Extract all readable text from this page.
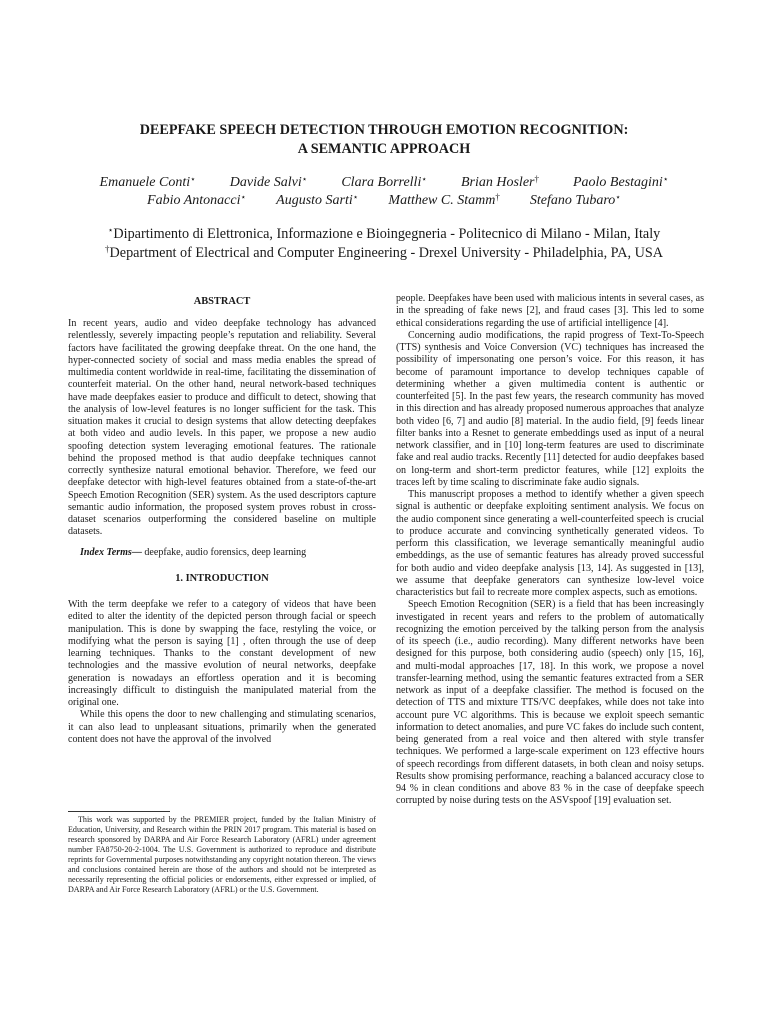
DEEPFAKE SPEECH DETECTION THROUGH EMOTION RECOGNITION:
A SEMANTIC APPROACH
Emanuele Conti⋆ Davide Salvi⋆ Clara Borrelli⋆ Brian Hosler† Paolo Bestagini⋆
Fabio Antonacci⋆ Augusto Sarti⋆ Matthew C. Stamm† Stefano Tubaro⋆
⋆Dipartimento di Elettronica, Informazione e Bioingegneria - Politecnico di Milano - Milan, Italy
†Department of Electrical and Computer Engineering - Drexel University - Philadelphia, PA, USA

ABSTRACT

In recent years, audio and video deepfake technology has advanced relentlessly, severely impacting people’s reputation and reliability. Several factors have facilitated the growing deepfake threat. On the one hand, the hyper-connected society of social and mass media enables the spread of multimedia content worldwide in real-time, facilitating the dissemination of counterfeit material. On the other hand, neural network-based techniques have made deepfakes easier to produce and difficult to detect, showing that the analysis of low-level features is no longer sufficient for the task. This situation makes it crucial to design systems that allow detecting deepfakes at both video and audio levels. In this paper, we propose a new audio spoofing detection system leveraging emotional features. The rationale behind the proposed method is that audio deepfake techniques cannot correctly synthesize natural emotional behavior. Therefore, we feed our deepfake detector with high-level features obtained from a state-of-the-art Speech Emotion Recognition (SER) system. As the used descriptors capture semantic audio information, the proposed system proves robust in cross-dataset scenarios outperforming the considered baseline on multiple datasets.

Index Terms— deepfake, audio forensics, deep learning

1. INTRODUCTION

With the term deepfake we refer to a category of videos that have been edited to alter the identity of the depicted person through facial or speech manipulation. This is done by swapping the face, restyling the voice, or modifying what the person is saying [1] , often through the use of deep learning techniques. Thanks to the constant development of new technologies and the massive evolution of neural networks, deepfake generation is nowadays an effortless operation and it is becoming increasingly difficult to distinguish the manipulated material from the original one.

While this opens the door to new challenging and stimulating scenarios, it can also lead to unpleasant situations, primarily when the generated content does not have the approval of the involved

This work was supported by the PREMIER project, funded by the Italian Ministry of Education, University, and Research within the PRIN 2017 program. This material is based on research sponsored by DARPA and Air Force Research Laboratory (AFRL) under agreement number FA8750-20-2-1004. The U.S. Government is authorized to reproduce and distribute reprints for Governmental purposes notwithstanding any copyright notation thereon. The views and conclusions contained herein are those of the authors and should not be interpreted as necessarily representing the official policies or endorsements, either expressed or implied, of DARPA and Air Force Research Laboratory (AFRL) or the U.S. Government.

people. Deepfakes have been used with malicious intents in several cases, as in the spreading of fake news [2], and fraud cases [3]. This led to some ethical considerations regarding the use of artificial intelligence [4].

Concerning audio modifications, the rapid progress of Text-To-Speech (TTS) synthesis and Voice Conversion (VC) techniques has increased the possibility of impersonating one person’s voice. For this reason, it has become of paramount importance to develop techniques capable of determining whether a given multimedia content is authentic or counterfeited [5]. In the past few years, the research community has moved in this direction and has already proposed numerous approaches that analyze both video [6, 7] and audio [8] material. In the audio field, [9] feeds linear filter banks into a Resnet to generate embeddings used as input of a neural network classifier, and in [10] long-term features are used to discriminate fake and real audio tracks. Recently [11] detected for audio deepfakes based on long-term and short-term predictor features, while [12] exploits the traces left by time scaling to discriminate fake audio signals.

This manuscript proposes a method to identify whether a given speech signal is authentic or deepfake exploiting sentiment analysis. We focus on the audio component since generating a well-counterfeited speech is crucial to produce accurate and convincing synthetically generated videos. To perform this classification, we leverage semantically meaningful audio embeddings, as the use of semantic features has already proved successful for both audio and video deepfake analysis [13, 14]. As suggested in [13], we assume that deepfake generators can synthesize low-level voice characteristics but fail to recreate more complex aspects, such as emotions.

Speech Emotion Recognition (SER) is a field that has been increasingly investigated in recent years and refers to the problem of automatically recognizing the emotion perceived by the talking person from the analysis of its speech (i.e., audio recording). Many different networks have been designed for this purpose, both considering audio (speech) only [15, 16], and multi-modal approaches [17, 18]. In this work, we propose a novel transfer-learning method, using the semantic features extracted from a SER network as input of a deepfake classifier. The method is focused on the detection of TTS and mixture TTS/VC deepfakes, while does not take into account pure VC algorithms. This is because we exploit speech semantic information to detect anomalies, and pure VC fakes do include such content, being generated from a real voice and then altered with style transfer techniques. We performed a large-scale experiment on 123 effective hours of speech recordings from different datasets, in both clean and noisy setups. Results show promising performance, reaching a balanced accuracy close to 94 % in clean conditions and above 83 % in the case of deepfake speech corrupted by noise during tests on the ASVspoof [19] evaluation set.
